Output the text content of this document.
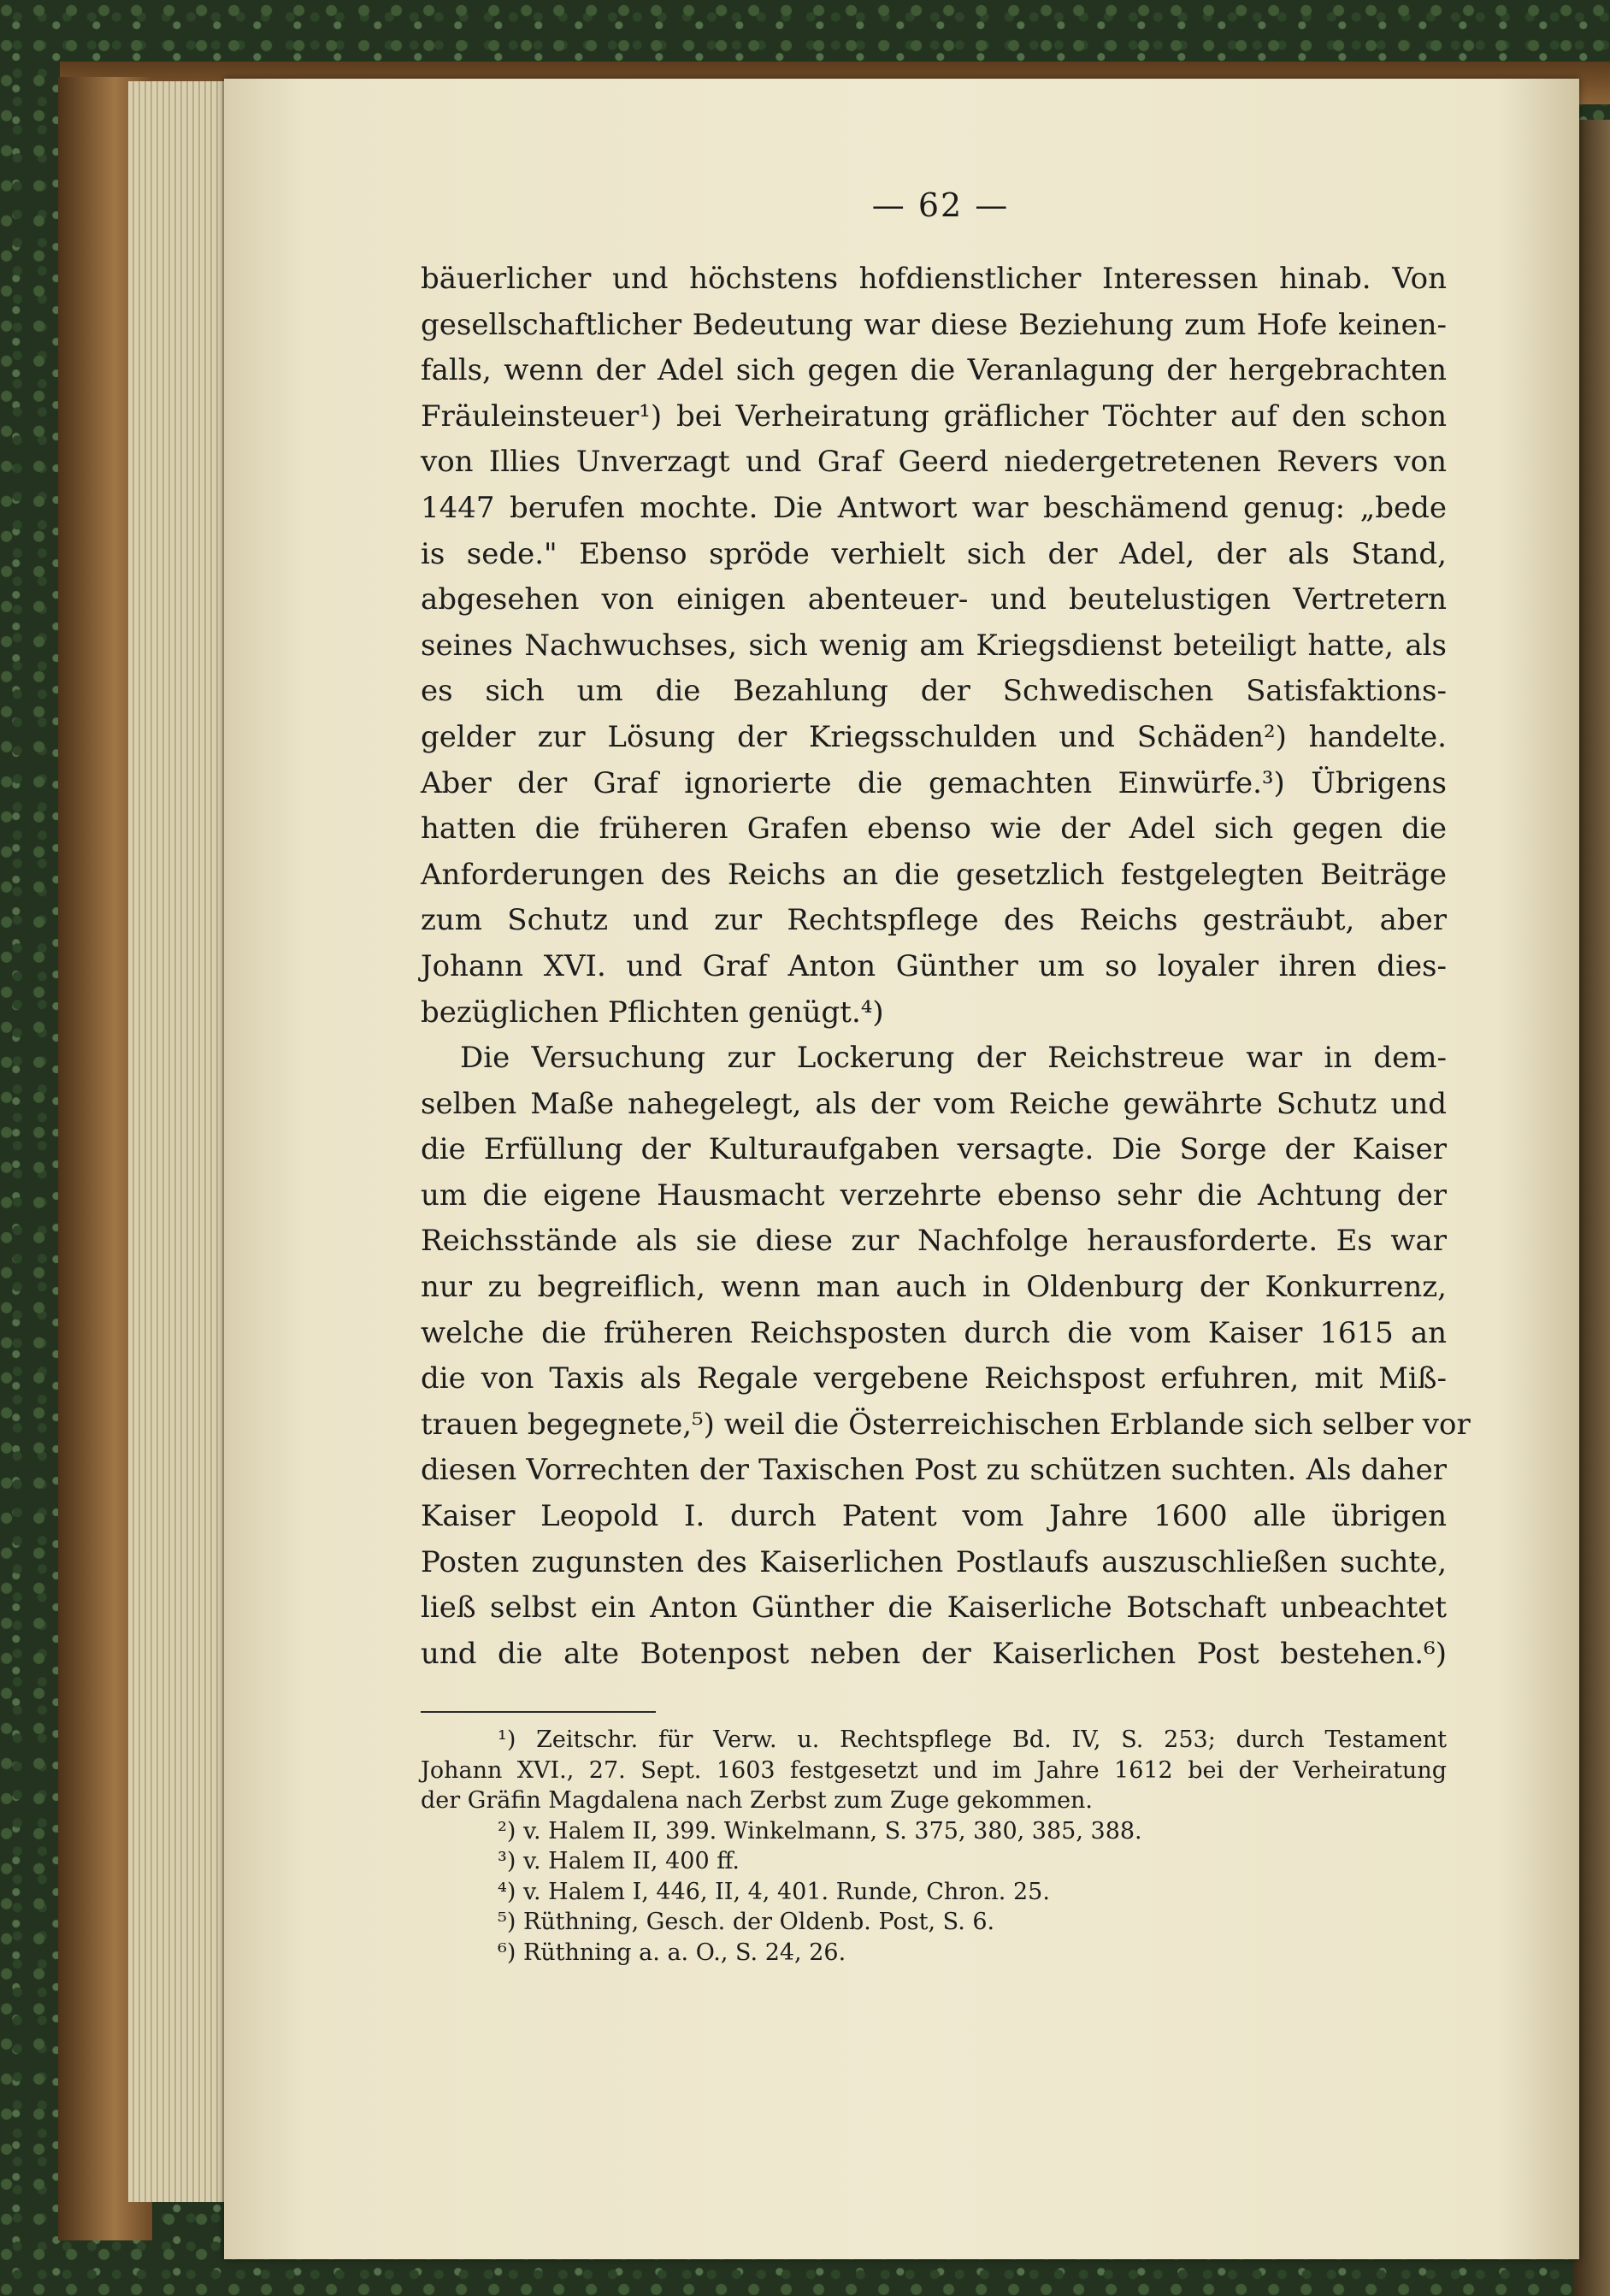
— 62 —
bäuerlicher und höchstens hofdienstlicher Interessen hinab. Von
gesellschaftlicher Bedeutung war diese Beziehung zum Hofe keinen-
falls, wenn der Adel sich gegen die Veranlagung der hergebrachten
Fräuleinsteuer¹) bei Verheiratung gräflicher Töchter auf den schon
von Illies Unverzagt und Graf Geerd niedergetretenen Revers von
1447 berufen mochte. Die Antwort war beschämend genug: „bede
is sede." Ebenso spröde verhielt sich der Adel, der als Stand,
abgesehen von einigen abenteuer- und beutelustigen Vertretern
seines Nachwuchses, sich wenig am Kriegsdienst beteiligt hatte, als
es sich um die Bezahlung der Schwedischen Satisfaktions-
gelder zur Lösung der Kriegsschulden und Schäden²) handelte.
Aber der Graf ignorierte die gemachten Einwürfe.³) Übrigens
hatten die früheren Grafen ebenso wie der Adel sich gegen die
Anforderungen des Reichs an die gesetzlich festgelegten Beiträge
zum Schutz und zur Rechtspflege des Reichs gesträubt, aber
Johann XVI. und Graf Anton Günther um so loyaler ihren dies-
bezüglichen Pflichten genügt.⁴)
Die Versuchung zur Lockerung der Reichstreue war in dem-
selben Maße nahegelegt, als der vom Reiche gewährte Schutz und
die Erfüllung der Kulturaufgaben versagte. Die Sorge der Kaiser
um die eigene Hausmacht verzehrte ebenso sehr die Achtung der
Reichsstände als sie diese zur Nachfolge herausforderte. Es war
nur zu begreiflich, wenn man auch in Oldenburg der Konkurrenz,
welche die früheren Reichsposten durch die vom Kaiser 1615 an
die von Taxis als Regale vergebene Reichspost erfuhren, mit Miß-
trauen begegnete,⁵) weil die Österreichischen Erblande sich selber vor
diesen Vorrechten der Taxischen Post zu schützen suchten. Als daher
Kaiser Leopold I. durch Patent vom Jahre 1600 alle übrigen
Posten zugunsten des Kaiserlichen Postlaufs auszuschließen suchte,
ließ selbst ein Anton Günther die Kaiserliche Botschaft unbeachtet
und die alte Botenpost neben der Kaiserlichen Post bestehen.⁶)
¹) Zeitschr. für Verw. u. Rechtspflege Bd. IV, S. 253; durch Testament
Johann XVI., 27. Sept. 1603 festgesetzt und im Jahre 1612 bei der Verheiratung
der Gräfin Magdalena nach Zerbst zum Zuge gekommen.
²) v. Halem II, 399. Winkelmann, S. 375, 380, 385, 388.
³) v. Halem II, 400 ff.
⁴) v. Halem I, 446, II, 4, 401. Runde, Chron. 25.
⁵) Rüthning, Gesch. der Oldenb. Post, S. 6.
⁶) Rüthning a. a. O., S. 24, 26.
